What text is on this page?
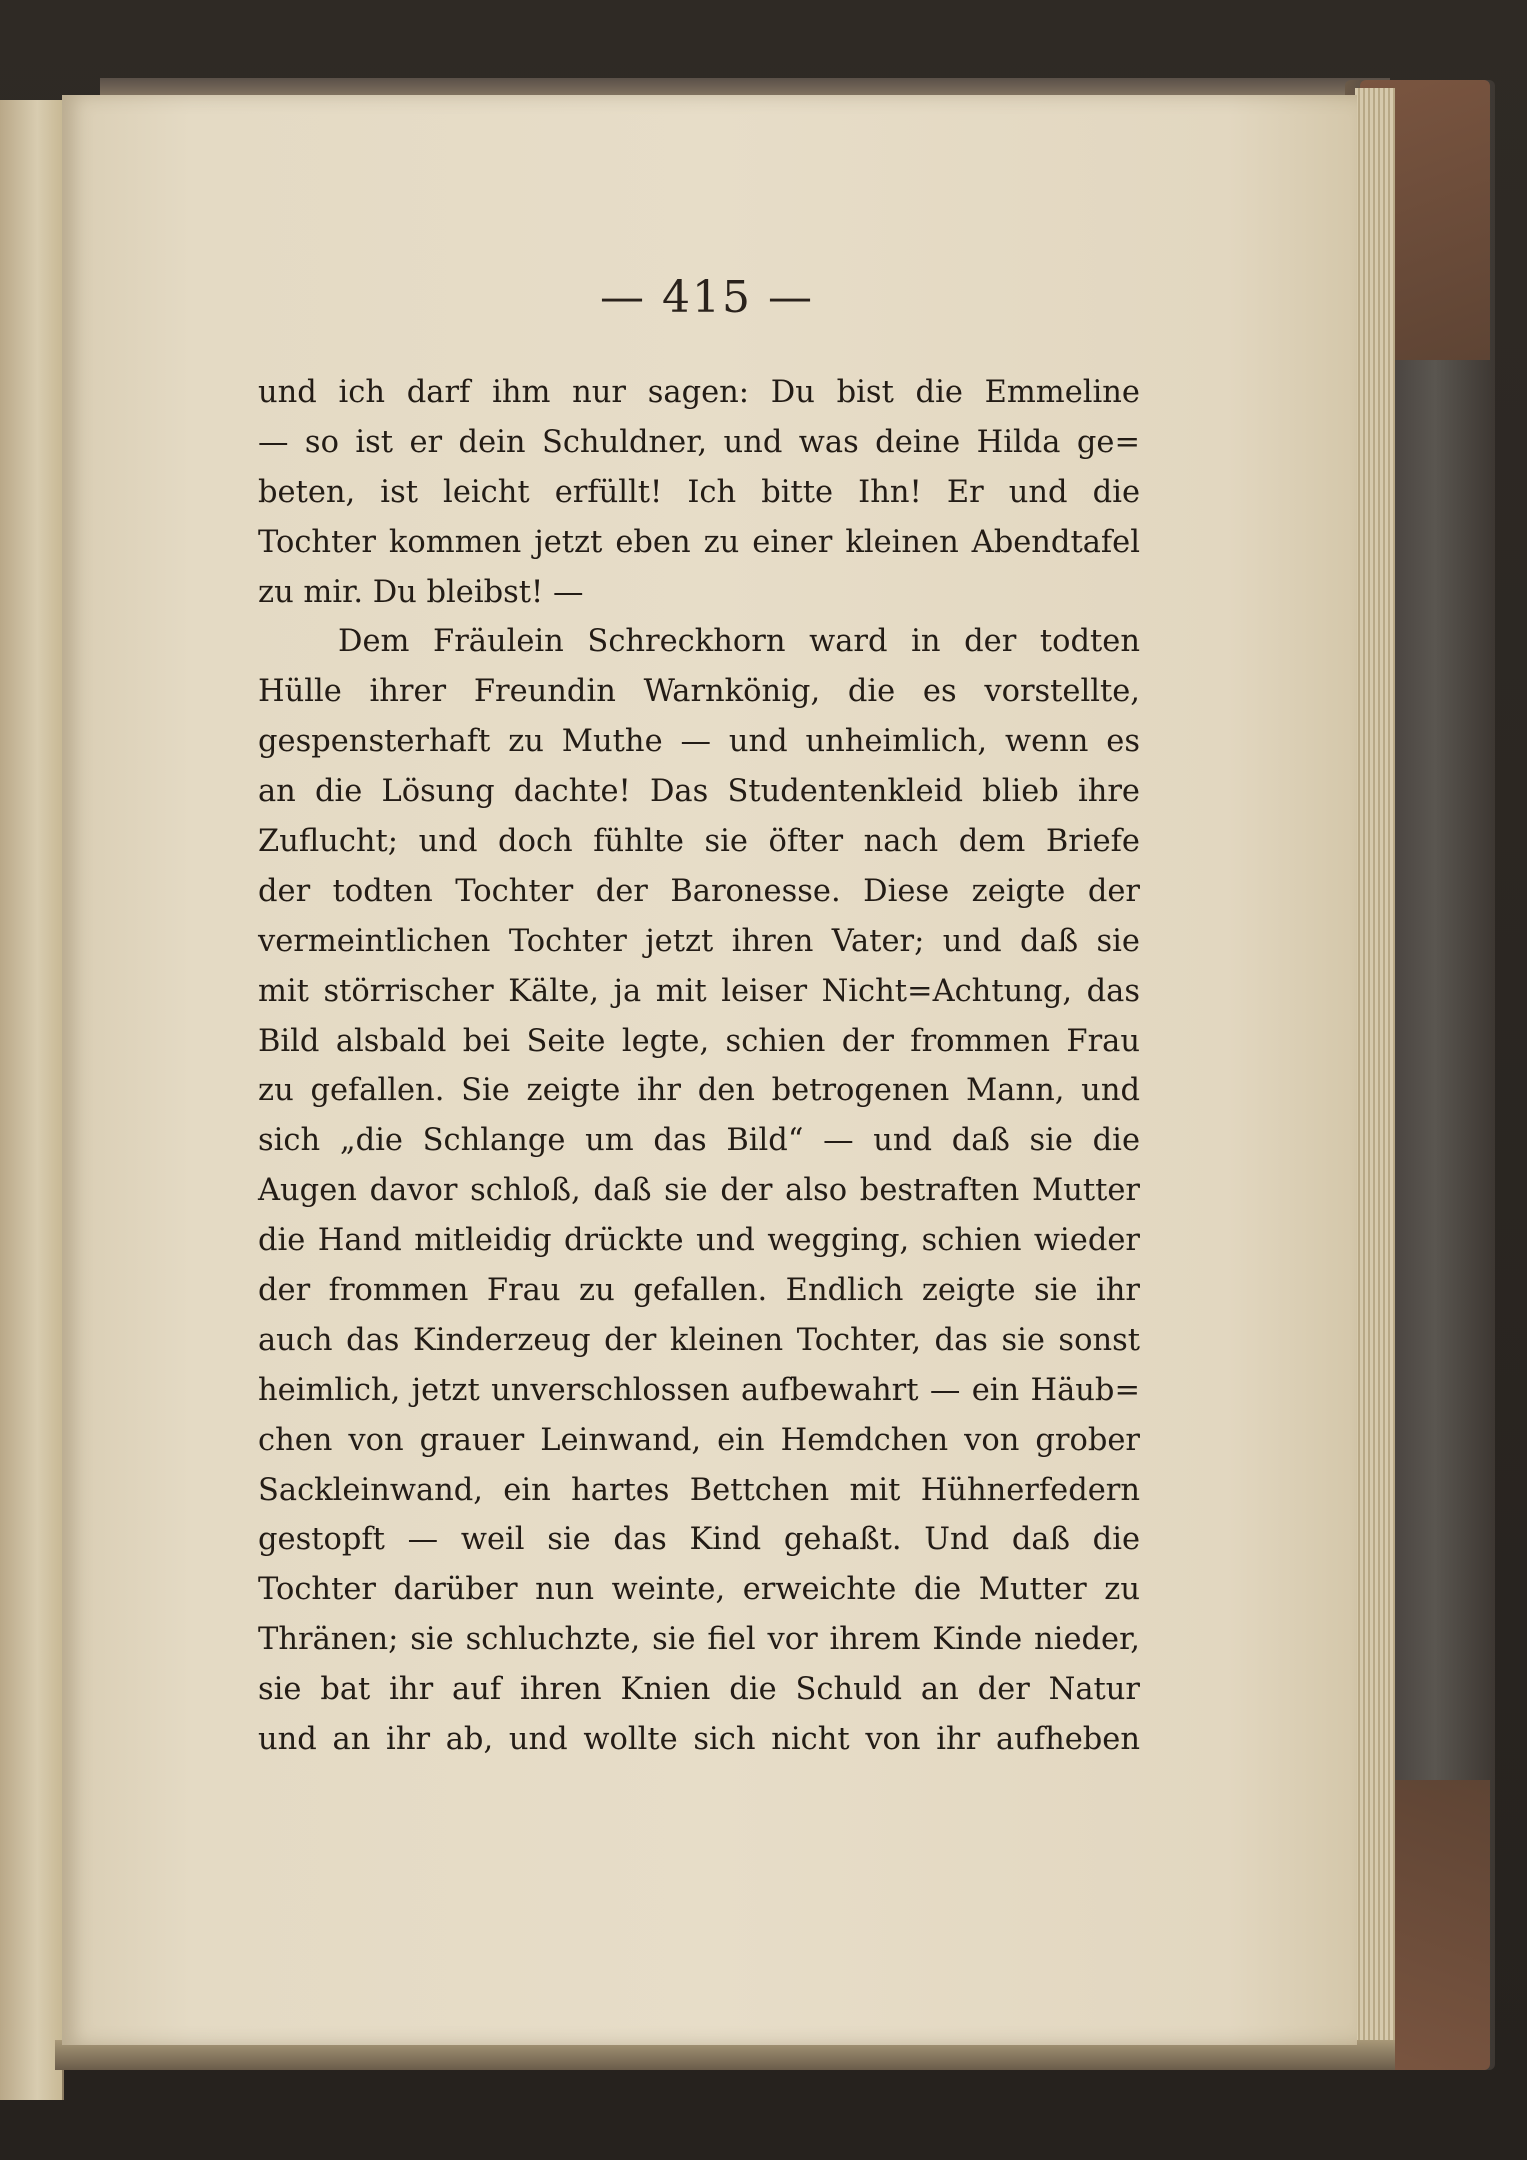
— 415 —
und ich darf ihm nur sagen: Du bist die Emmeline
— so ist er dein Schuldner, und was deine Hilda ge=
beten, ist leicht erfüllt! Ich bitte Ihn! Er und die
Tochter kommen jetzt eben zu einer kleinen Abendtafel
zu mir. Du bleibst! —
Dem Fräulein Schreckhorn ward in der todten
Hülle ihrer Freundin Warnkönig, die es vorstellte,
gespensterhaft zu Muthe — und unheimlich, wenn es
an die Lösung dachte! Das Studentenkleid blieb ihre
Zuflucht; und doch fühlte sie öfter nach dem Briefe
der todten Tochter der Baronesse. Diese zeigte der
vermeintlichen Tochter jetzt ihren Vater; und daß sie
mit störrischer Kälte, ja mit leiser Nicht=Achtung, das
Bild alsbald bei Seite legte, schien der frommen Frau
zu gefallen. Sie zeigte ihr den betrogenen Mann, und
sich „die Schlange um das Bild“ — und daß sie die
Augen davor schloß, daß sie der also bestraften Mutter
die Hand mitleidig drückte und wegging, schien wieder
der frommen Frau zu gefallen. Endlich zeigte sie ihr
auch das Kinderzeug der kleinen Tochter, das sie sonst
heimlich, jetzt unverschlossen aufbewahrt — ein Häub=
chen von grauer Leinwand, ein Hemdchen von grober
Sackleinwand, ein hartes Bettchen mit Hühnerfedern
gestopft — weil sie das Kind gehaßt. Und daß die
Tochter darüber nun weinte, erweichte die Mutter zu
Thränen; sie schluchzte, sie fiel vor ihrem Kinde nieder,
sie bat ihr auf ihren Knien die Schuld an der Natur
und an ihr ab, und wollte sich nicht von ihr aufheben
